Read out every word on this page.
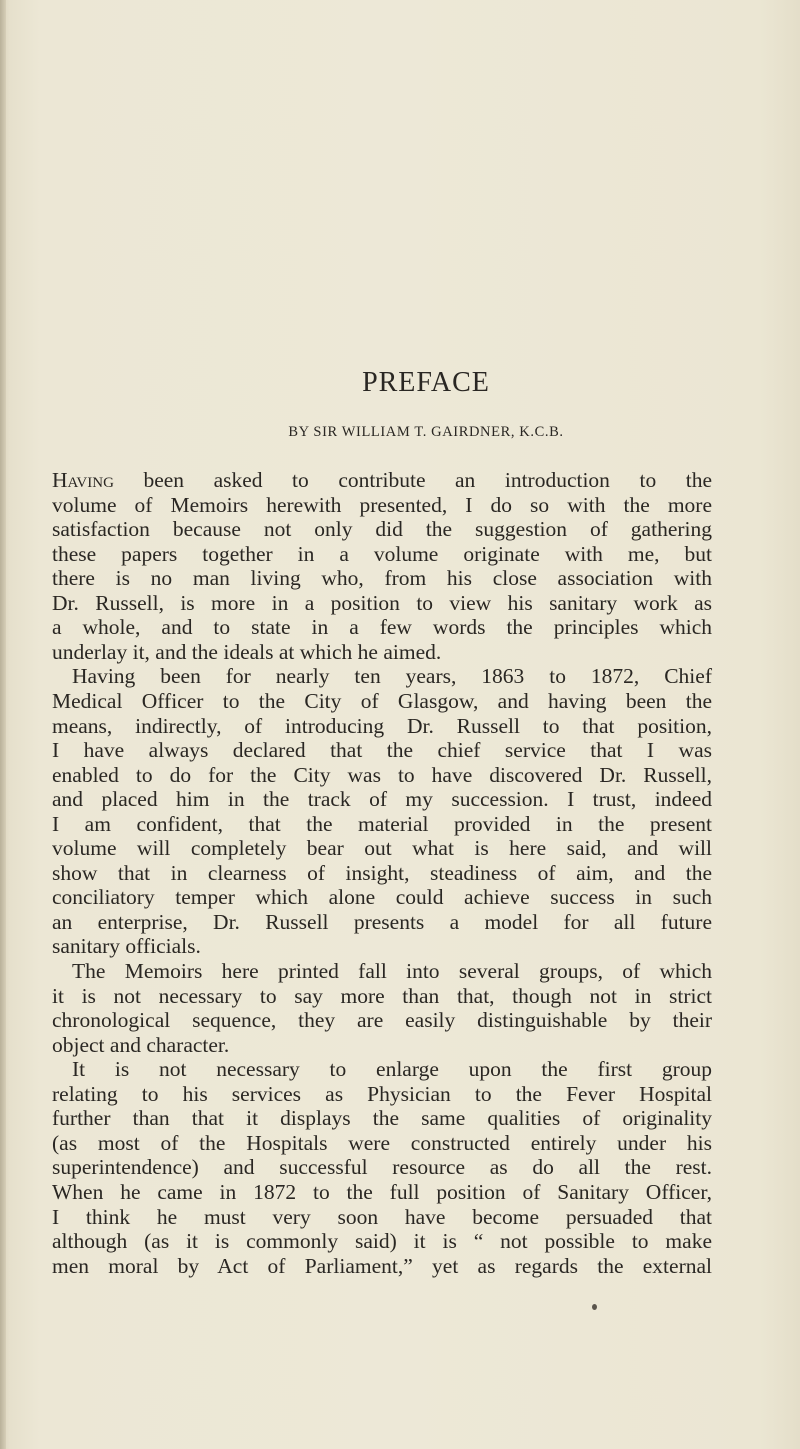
PREFACE
BY SIR WILLIAM T. GAIRDNER, K.C.B.
Having been asked to contribute an introduction to the
volume of Memoirs herewith presented, I do so with the more
satisfaction because not only did the suggestion of gathering
these papers together in a volume originate with me, but
there is no man living who, from his close association with
Dr. Russell, is more in a position to view his sanitary work as
a whole, and to state in a few words the principles which
underlay it, and the ideals at which he aimed.
Having been for nearly ten years, 1863 to 1872, Chief
Medical Officer to the City of Glasgow, and having been the
means, indirectly, of introducing Dr. Russell to that position,
I have always declared that the chief service that I was
enabled to do for the City was to have discovered Dr. Russell,
and placed him in the track of my succession. I trust, indeed
I am confident, that the material provided in the present
volume will completely bear out what is here said, and will
show that in clearness of insight, steadiness of aim, and the
conciliatory temper which alone could achieve success in such
an enterprise, Dr. Russell presents a model for all future
sanitary officials.
The Memoirs here printed fall into several groups, of which
it is not necessary to say more than that, though not in strict
chronological sequence, they are easily distinguishable by their
object and character.
It is not necessary to enlarge upon the first group
relating to his services as Physician to the Fever Hospital
further than that it displays the same qualities of originality
(as most of the Hospitals were constructed entirely under his
superintendence) and successful resource as do all the rest.
When he came in 1872 to the full position of Sanitary Officer,
I think he must very soon have become persuaded that
although (as it is commonly said) it is “ not possible to make
men moral by Act of Parliament,” yet as regards the external
